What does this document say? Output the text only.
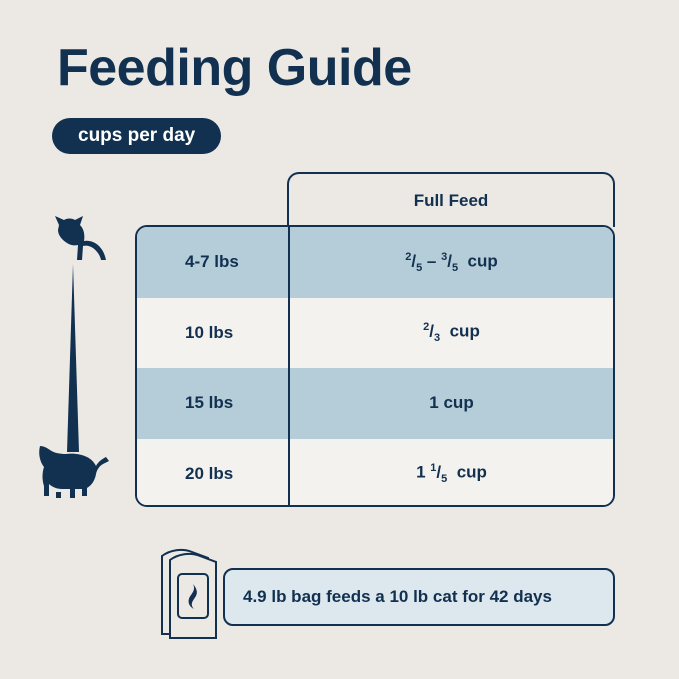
Feeding Guide
cups per day
Full Feed
4-7 lbs	$^2/_5 - ^3/_5$  cup
10 lbs	$^2/_3$  cup
15 lbs	1 cup
20 lbs	1 $^1/_5$  cup
4.9 lb bag feeds a 10 lb cat for 42 days
